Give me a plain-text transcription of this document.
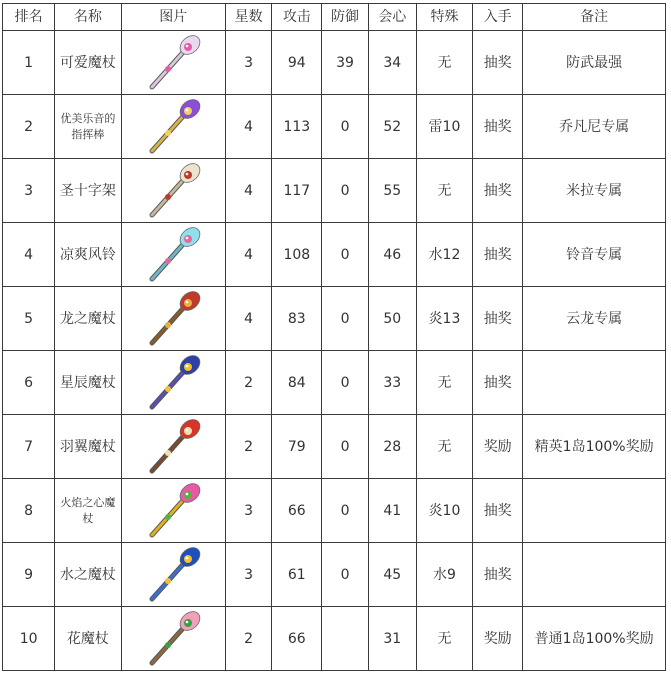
排名	名称	图片	星数	攻击	防御	会心	特殊	入手	备注
1	可爱魔杖		3	94	39	34	无	抽奖	防武最强
2	优美乐音的指挥棒		4	113	0	52	雷10	抽奖	乔凡尼专属
3	圣十字架		4	117	0	55	无	抽奖	米拉专属
4	凉爽风铃		4	108	0	46	水12	抽奖	铃音专属
5	龙之魔杖		4	83	0	50	炎13	抽奖	云龙专属
6	星辰魔杖		2	84	0	33	无	抽奖	
7	羽翼魔杖		2	79	0	28	无	奖励	精英1岛100%奖励
8	火焰之心魔杖		3	66	0	41	炎10	抽奖	
9	水之魔杖		3	61	0	45	水9	抽奖	
10	花魔杖		2	66		31	无	奖励	普通1岛100%奖励
